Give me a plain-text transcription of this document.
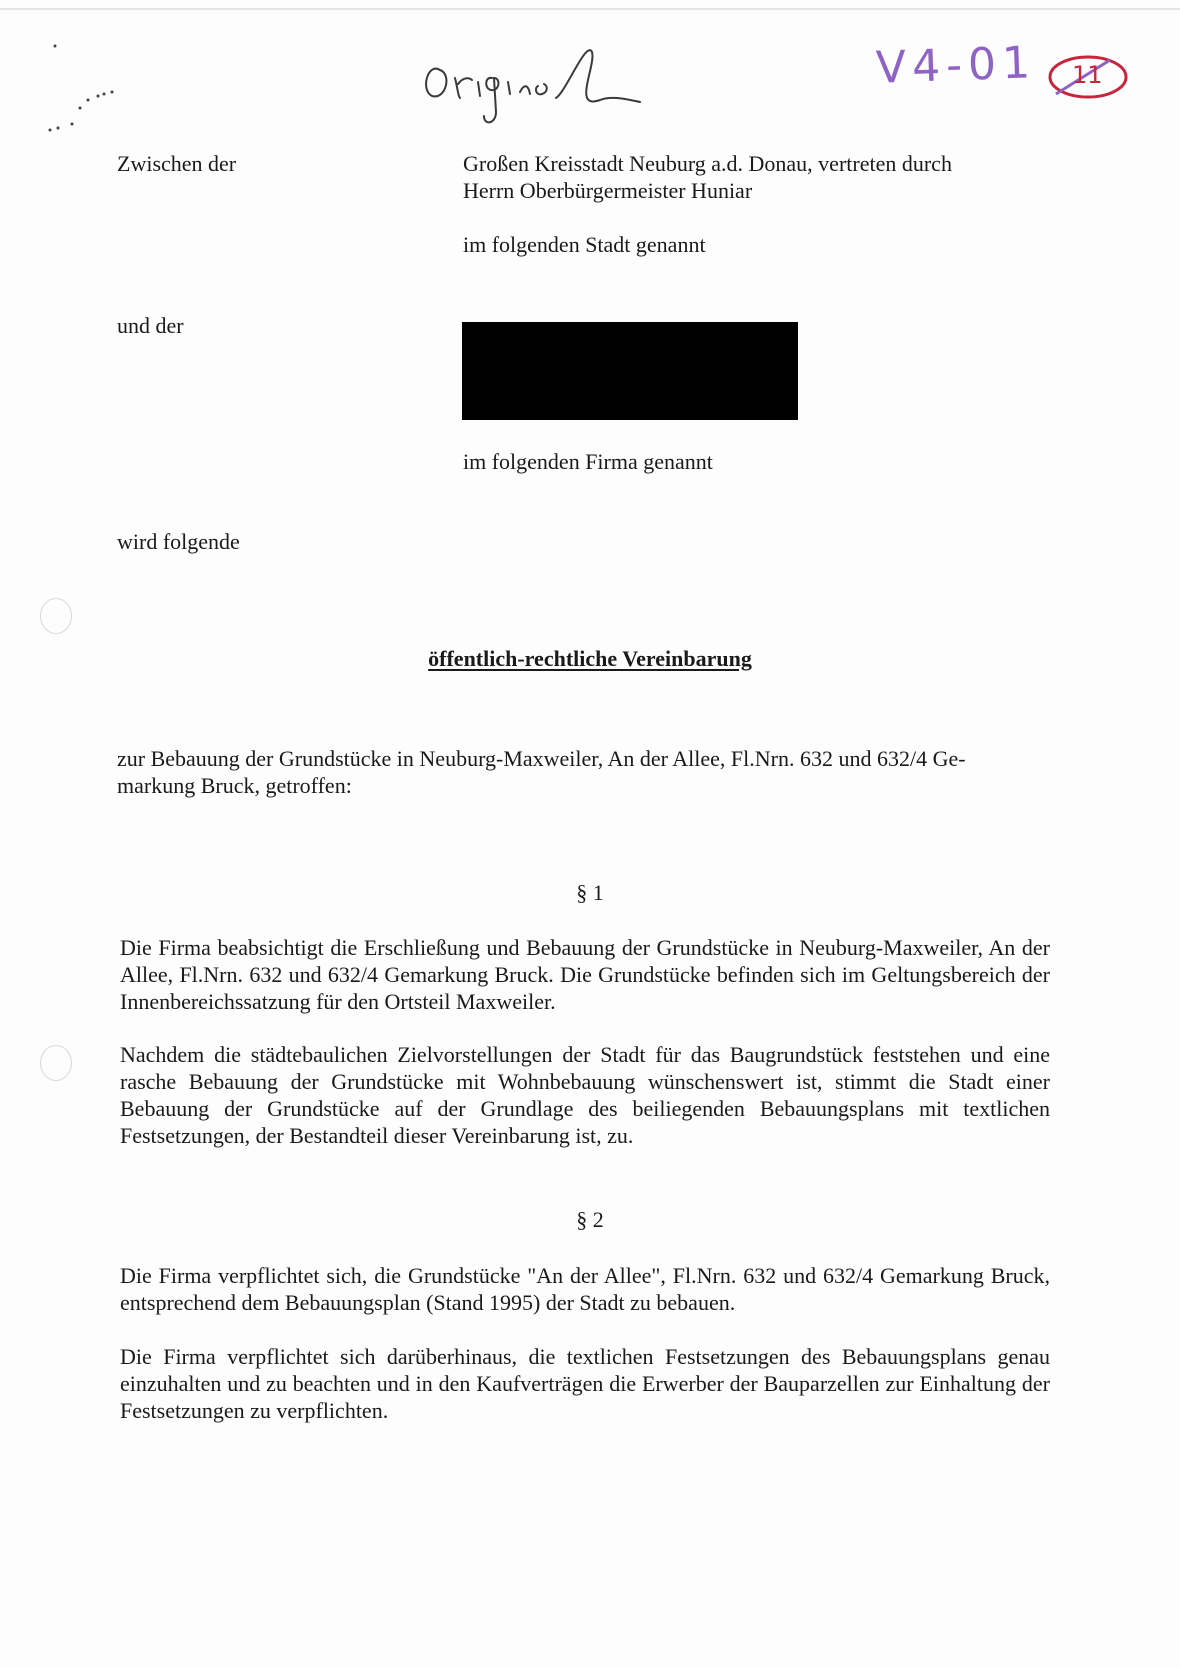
V4-01 11
Zwischen der	Großen Kreisstadt Neuburg a.d. Donau, vertreten durch
Herrn Oberbürgermeister Huniar
im folgenden Stadt genannt
und der
im folgenden Firma genannt
wird folgende
öffentlich-rechtliche Vereinbarung
zur Bebauung der Grundstücke in Neuburg-Maxweiler, An der Allee, Fl.Nrn. 632 und 632/4 Ge-
markung Bruck, getroffen:
§ 1
Die Firma beabsichtigt die Erschließung und Bebauung der Grundstücke in Neuburg-Maxweiler, An der Allee, Fl.Nrn. 632 und 632/4 Gemarkung Bruck. Die Grundstücke befinden sich im Geltungsbereich der Innenbereichssatzung für den Ortsteil Maxweiler.
Nachdem die städtebaulichen Zielvorstellungen der Stadt für das Baugrundstück feststehen und eine rasche Bebauung der Grundstücke mit Wohnbebauung wünschenswert ist, stimmt die Stadt einer Bebauung der Grundstücke auf der Grundlage des beiliegenden Bebauungsplans mit textlichen Festsetzungen, der Bestandteil dieser Vereinbarung ist, zu.
§ 2
Die Firma verpflichtet sich, die Grundstücke "An der Allee", Fl.Nrn. 632 und 632/4 Gemarkung Bruck, entsprechend dem Bebauungsplan (Stand 1995) der Stadt zu bebauen.
Die Firma verpflichtet sich darüberhinaus, die textlichen Festsetzungen des Bebauungsplans genau einzuhalten und zu beachten und in den Kaufverträgen die Erwerber der Bauparzellen zur Einhaltung der Festsetzungen zu verpflichten.
